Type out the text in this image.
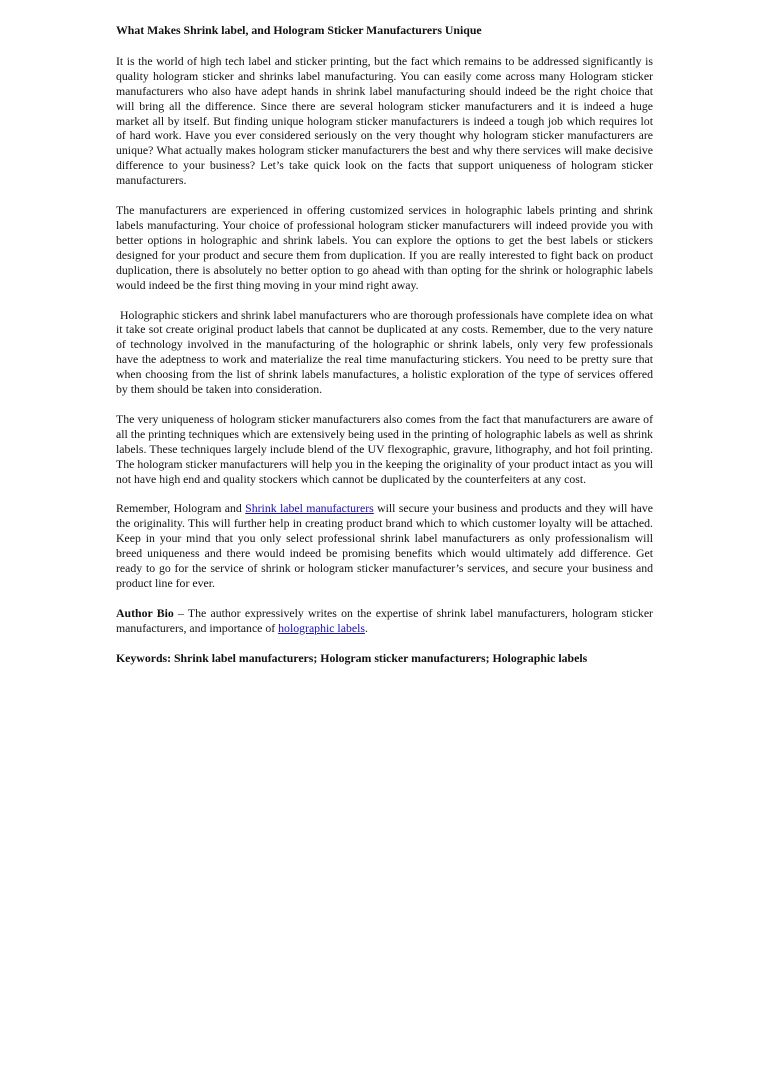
What Makes Shrink label, and Hologram Sticker Manufacturers Unique

It is the world of high tech label and sticker printing, but the fact which remains to be addressed significantly is quality hologram sticker and shrinks label manufacturing. You can easily come across many Hologram sticker manufacturers who also have adept hands in shrink label manufacturing should indeed be the right choice that will bring all the difference. Since there are several hologram sticker manufacturers and it is indeed a huge market all by itself. But finding unique hologram sticker manufacturers is indeed a tough job which requires lot of hard work. Have you ever considered seriously on the very thought why hologram sticker manufacturers are unique? What actually makes hologram sticker manufacturers the best and why there services will make decisive difference to your business? Let’s take quick look on the facts that support uniqueness of hologram sticker manufacturers.

The manufacturers are experienced in offering customized services in holographic labels printing and shrink labels manufacturing. Your choice of professional hologram sticker manufacturers will indeed provide you with better options in holographic and shrink labels. You can explore the options to get the best labels or stickers designed for your product and secure them from duplication. If you are really interested to fight back on product duplication, there is absolutely no better option to go ahead with than opting for the shrink or holographic labels would indeed be the first thing moving in your mind right away.

Holographic stickers and shrink label manufacturers who are thorough professionals have complete idea on what it take sot create original product labels that cannot be duplicated at any costs. Remember, due to the very nature of technology involved in the manufacturing of the holographic or shrink labels, only very few professionals have the adeptness to work and materialize the real time manufacturing stickers. You need to be pretty sure that when choosing from the list of shrink labels manufactures, a holistic exploration of the type of services offered by them should be taken into consideration.

The very uniqueness of hologram sticker manufacturers also comes from the fact that manufacturers are aware of all the printing techniques which are extensively being used in the printing of holographic labels as well as shrink labels. These techniques largely include blend of the UV flexographic, gravure, lithography, and hot foil printing. The hologram sticker manufacturers will help you in the keeping the originality of your product intact as you will not have high end and quality stockers which cannot be duplicated by the counterfeiters at any cost.

Remember, Hologram and Shrink label manufacturers will secure your business and products and they will have the originality. This will further help in creating product brand which to which customer loyalty will be attached. Keep in your mind that you only select professional shrink label manufacturers as only professionalism will breed uniqueness and there would indeed be promising benefits which would ultimately add difference. Get ready to go for the service of shrink or hologram sticker manufacturer’s services, and secure your business and product line for ever.

Author Bio – The author expressively writes on the expertise of shrink label manufacturers, hologram sticker manufacturers, and importance of holographic labels.

Keywords: Shrink label manufacturers; Hologram sticker manufacturers; Holographic labels
